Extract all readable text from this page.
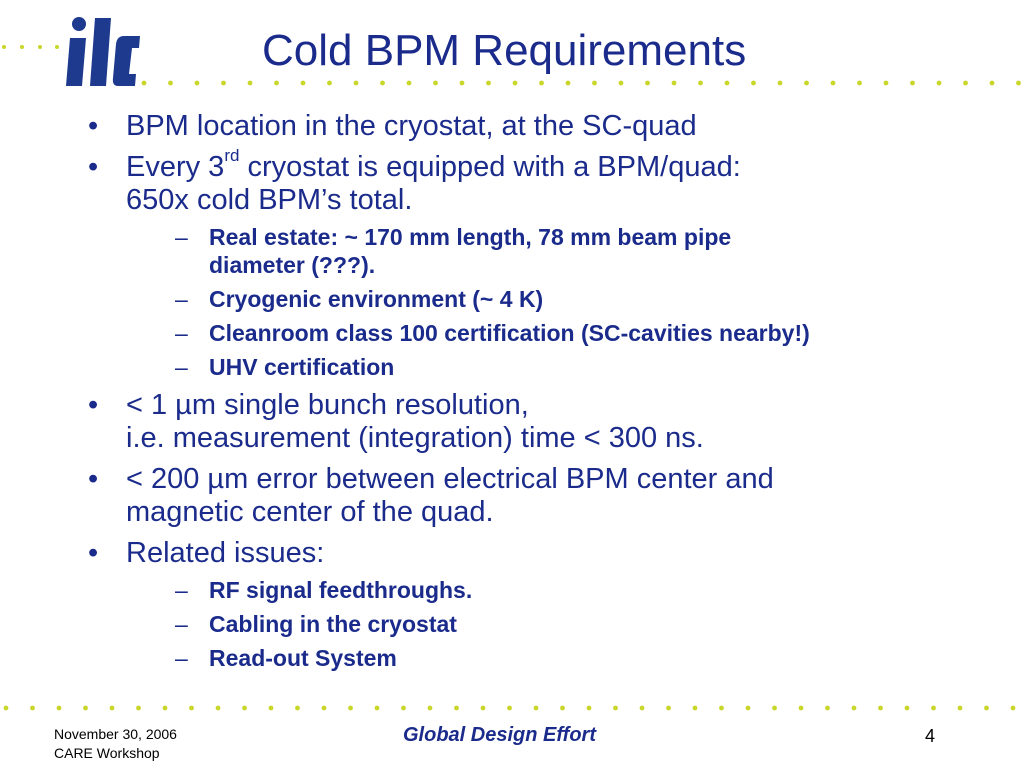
Cold BPM Requirements
• BPM location in the cryostat, at the SC-quad
• Every 3rd cryostat is equipped with a BPM/quad:
650x cold BPM’s total.
– Real estate: ~ 170 mm length, 78 mm beam pipe
diameter (???).
– Cryogenic environment (~ 4 K)
– Cleanroom class 100 certification (SC-cavities nearby!)
– UHV certification
• < 1 µm single bunch resolution,
i.e. measurement (integration) time < 300 ns.
• < 200 µm error between electrical BPM center and
magnetic center of the quad.
• Related issues:
– RF signal feedthroughs.
– Cabling in the cryostat
– Read-out System
November 30, 2006
CARE Workshop
Global Design Effort	4
